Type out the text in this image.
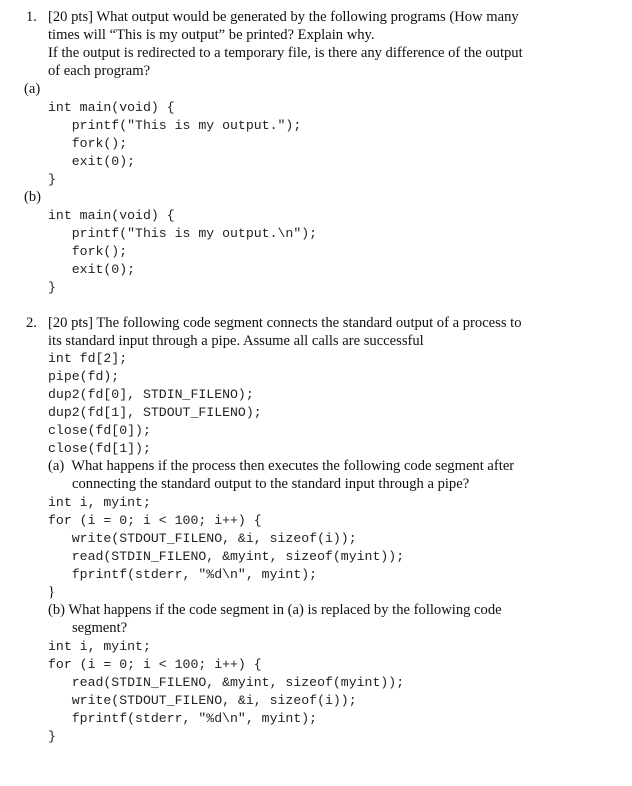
1. [20 pts] What output would be generated by the following programs (How many
times will “This is my output” be printed? Explain why.
If the output is redirected to a temporary file, is there any difference of the output
of each program?
(a)
int main(void) {
printf("This is my output.");
fork();
exit(0);
}
(b)
int main(void) {
printf("This is my output.\n");
fork();
exit(0);
}
2. [20 pts] The following code segment connects the standard output of a process to
its standard input through a pipe. Assume all calls are successful
int fd[2];
pipe(fd);
dup2(fd[0], STDIN_FILENO);
dup2(fd[1], STDOUT_FILENO);
close(fd[0]);
close(fd[1]);
(a)  What happens if the process then executes the following code segment after
connecting the standard output to the standard input through a pipe?
int i, myint;
for (i = 0; i < 100; i++) {
write(STDOUT_FILENO, &i, sizeof(i));
read(STDIN_FILENO, &myint, sizeof(myint));
fprintf(stderr, "%d\n", myint);
}
(b) What happens if the code segment in (a) is replaced by the following code
segment?
int i, myint;
for (i = 0; i < 100; i++) {
read(STDIN_FILENO, &myint, sizeof(myint));
write(STDOUT_FILENO, &i, sizeof(i));
fprintf(stderr, "%d\n", myint);
}
